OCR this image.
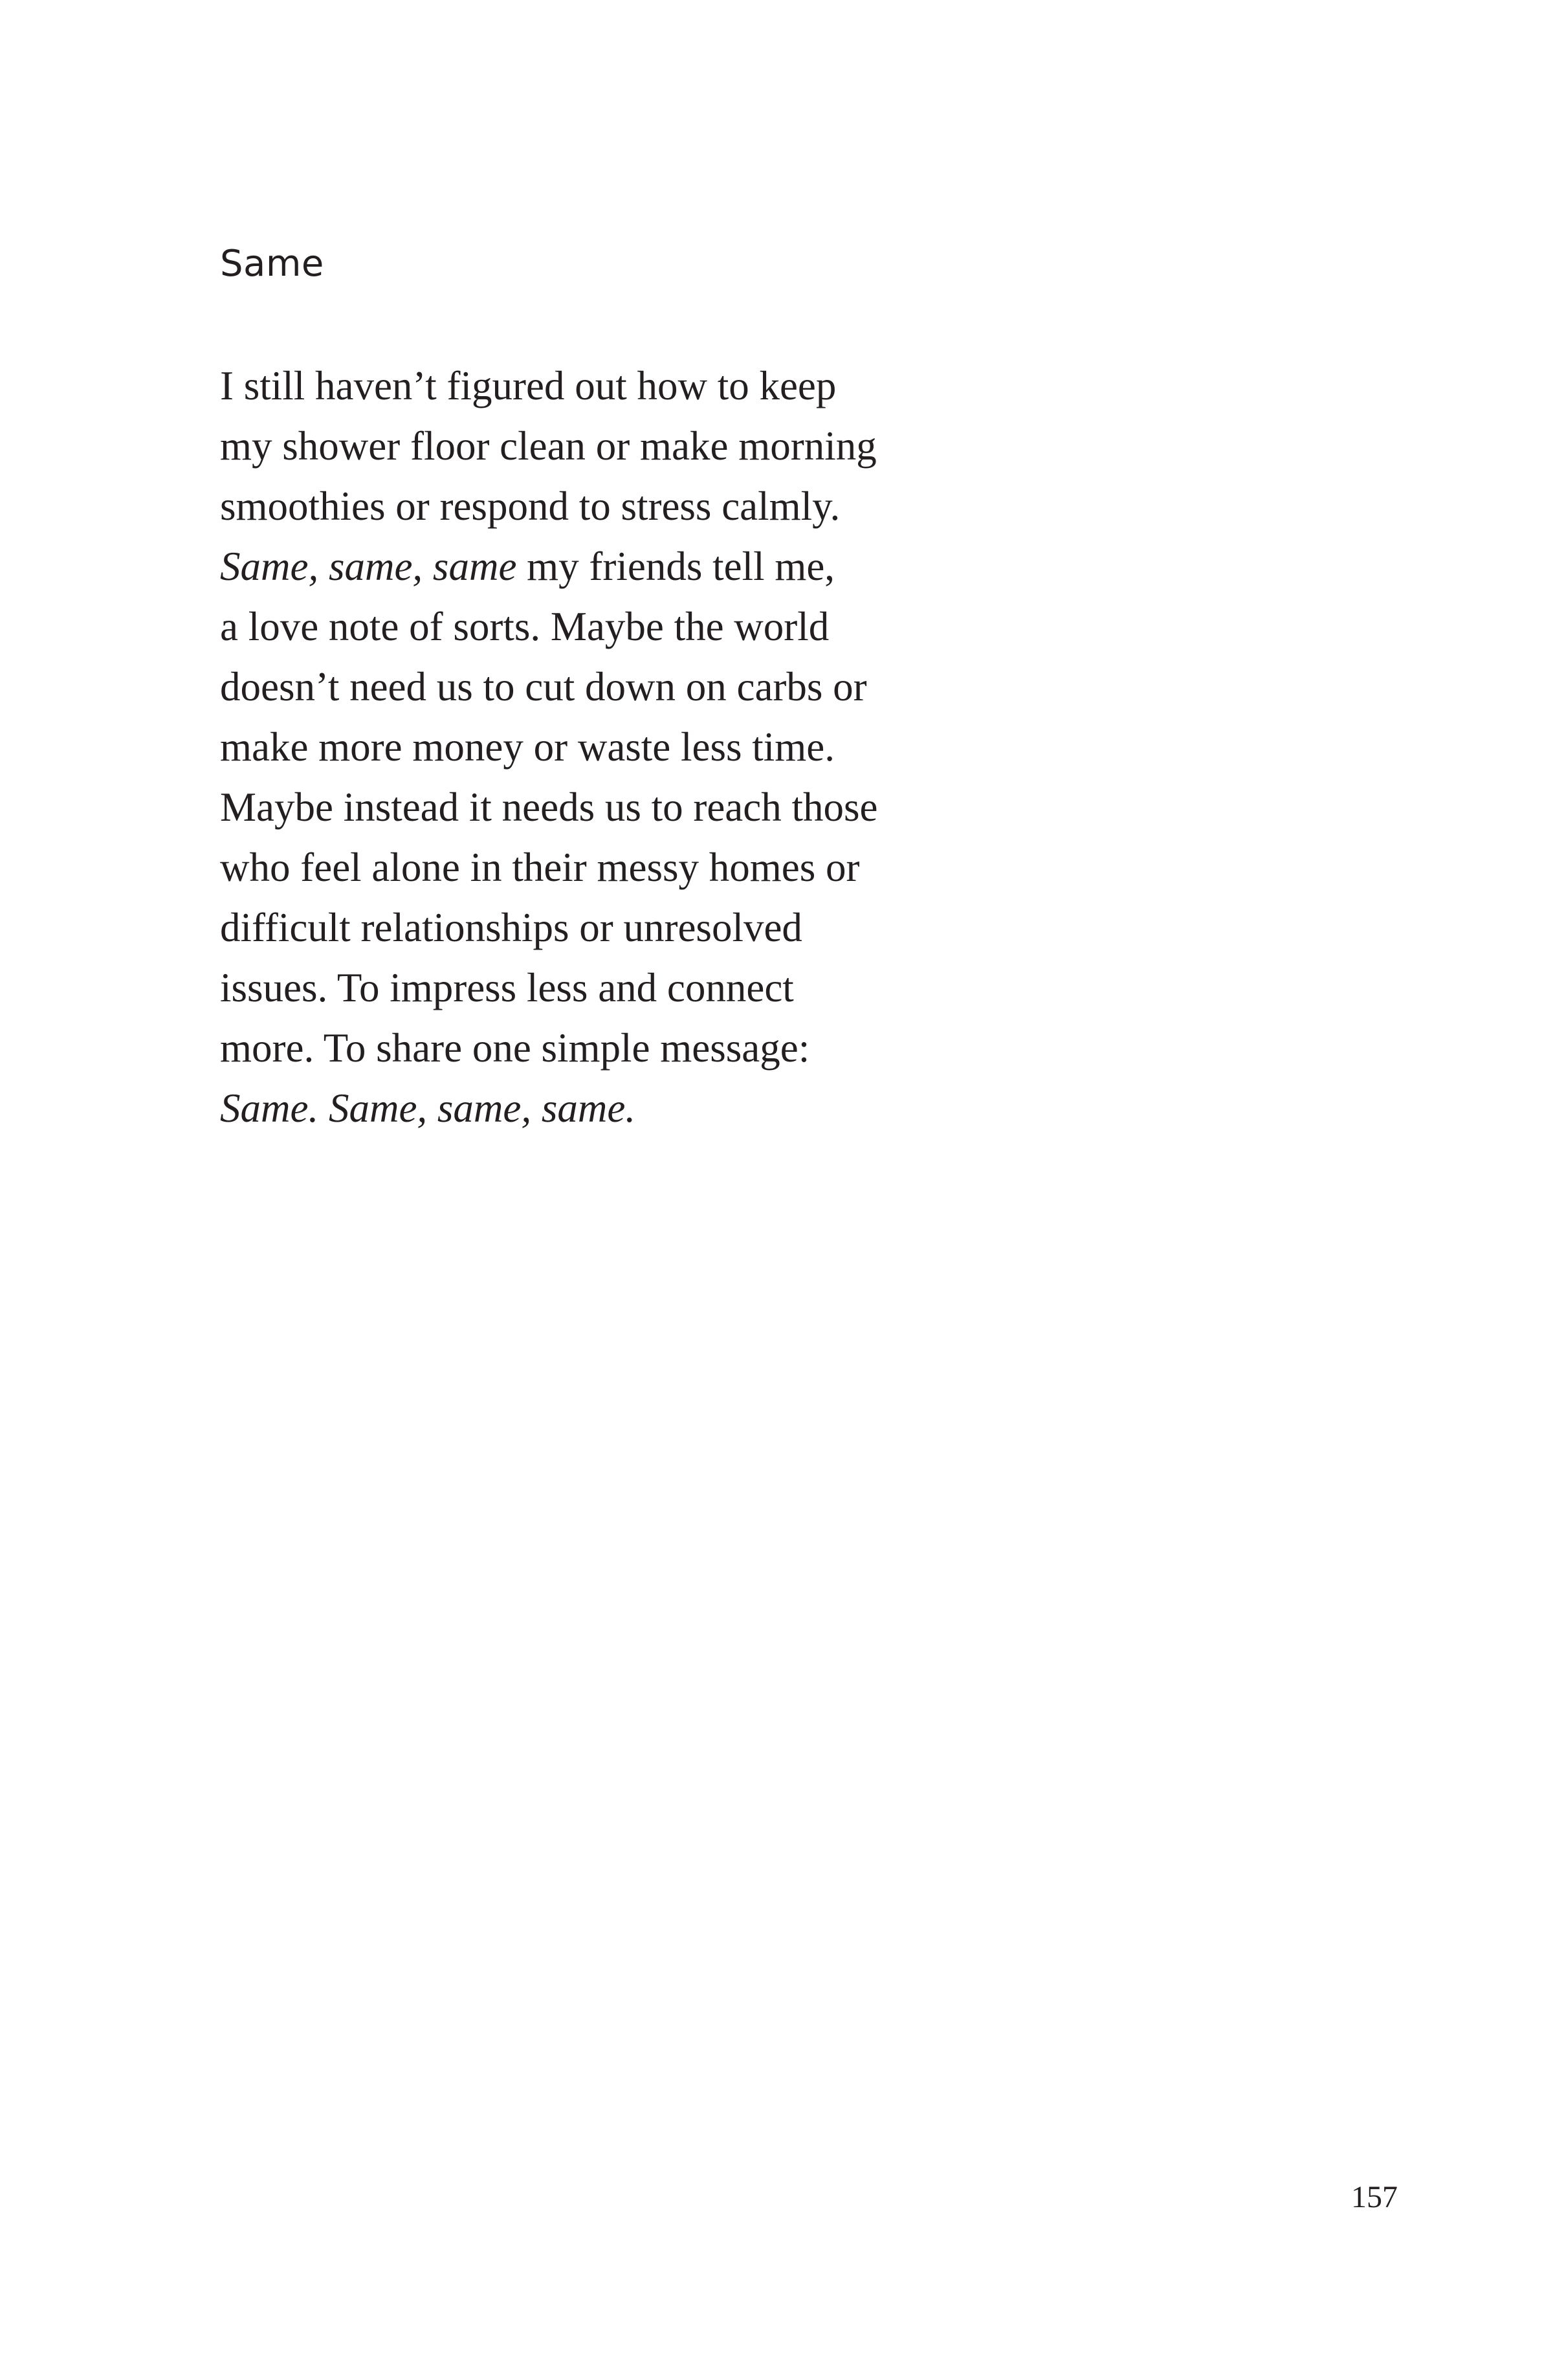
Same
I still haven’t figured out how to keep
my shower floor clean or make morning
smoothies or respond to stress calmly.
Same, same, same my friends tell me,
a love note of sorts. Maybe the world
doesn’t need us to cut down on carbs or
make more money or waste less time.
Maybe instead it needs us to reach those
who feel alone in their messy homes or
difficult relationships or unresolved
issues. To impress less and connect
more. To share one simple message:
Same. Same, same, same.
157
